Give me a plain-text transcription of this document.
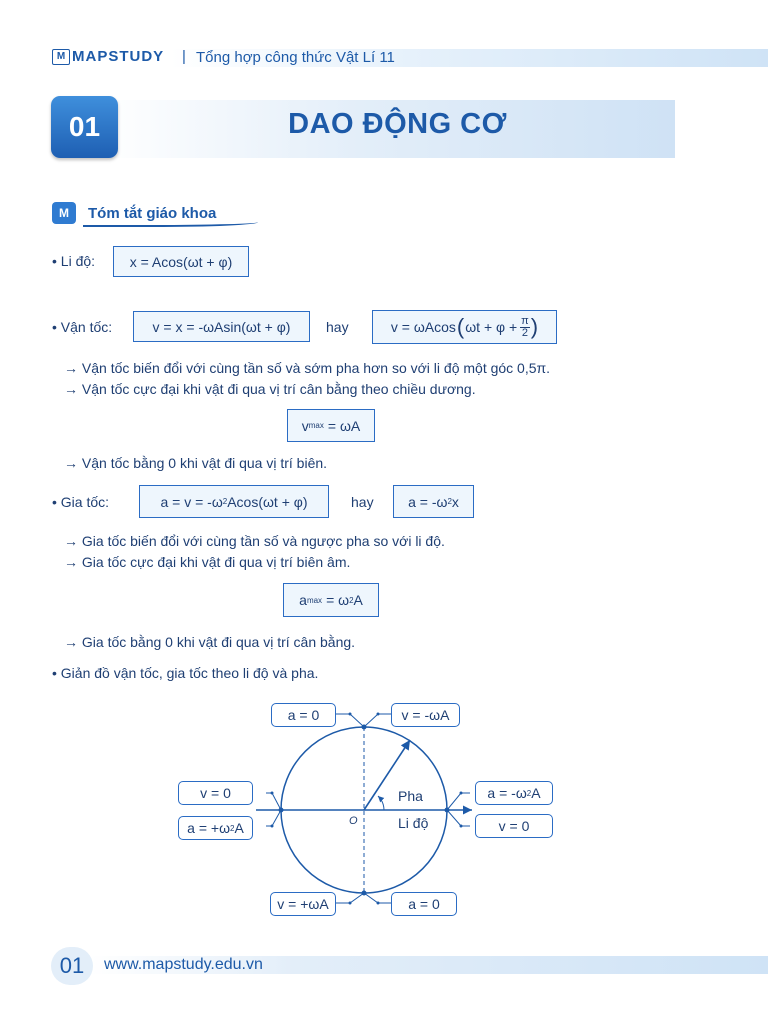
M MAPSTUDY | Tổng hợp công thức Vật Lí 11
01	DAO ĐỘNG CƠ
M	Tóm tắt giáo khoa
• Li độ: x = Acos(ωt + φ)
• Vận tốc:	v = x = -ωAsin(ωt + φ)	hay	v = ωAcos ( $\omega t + \varphi + \frac{\pi}{2}$ )
→ Vận tốc biến đổi với cùng tần số và sớm pha hơn so với li độ một góc 0,5π.
→ Vận tốc cực đại khi vật đi qua vị trí cân bằng theo chiều dương.
v max = ωA
→ Vận tốc bằng 0 khi vật đi qua vị trí biên.
• Gia tốc:	a = v = -ω 2 Acos(ωt + φ)	hay a = -ω 2 x
→ Gia tốc biến đổi với cùng tần số và ngược pha so với li độ.
→ Gia tốc cực đại khi vật đi qua vị trí biên âm.
a max = ω 2 A
→ Gia tốc bằng 0 khi vật đi qua vị trí cân bằng.
• Giản đồ vận tốc, gia tốc theo li độ và pha.
O
Pha
Li độ
a = 0	v = -ωA
v = 0
a = +ω 2 A
a = -ω 2 A
v = 0
v = +ωA	a = 0
01	www.mapstudy.edu.vn
